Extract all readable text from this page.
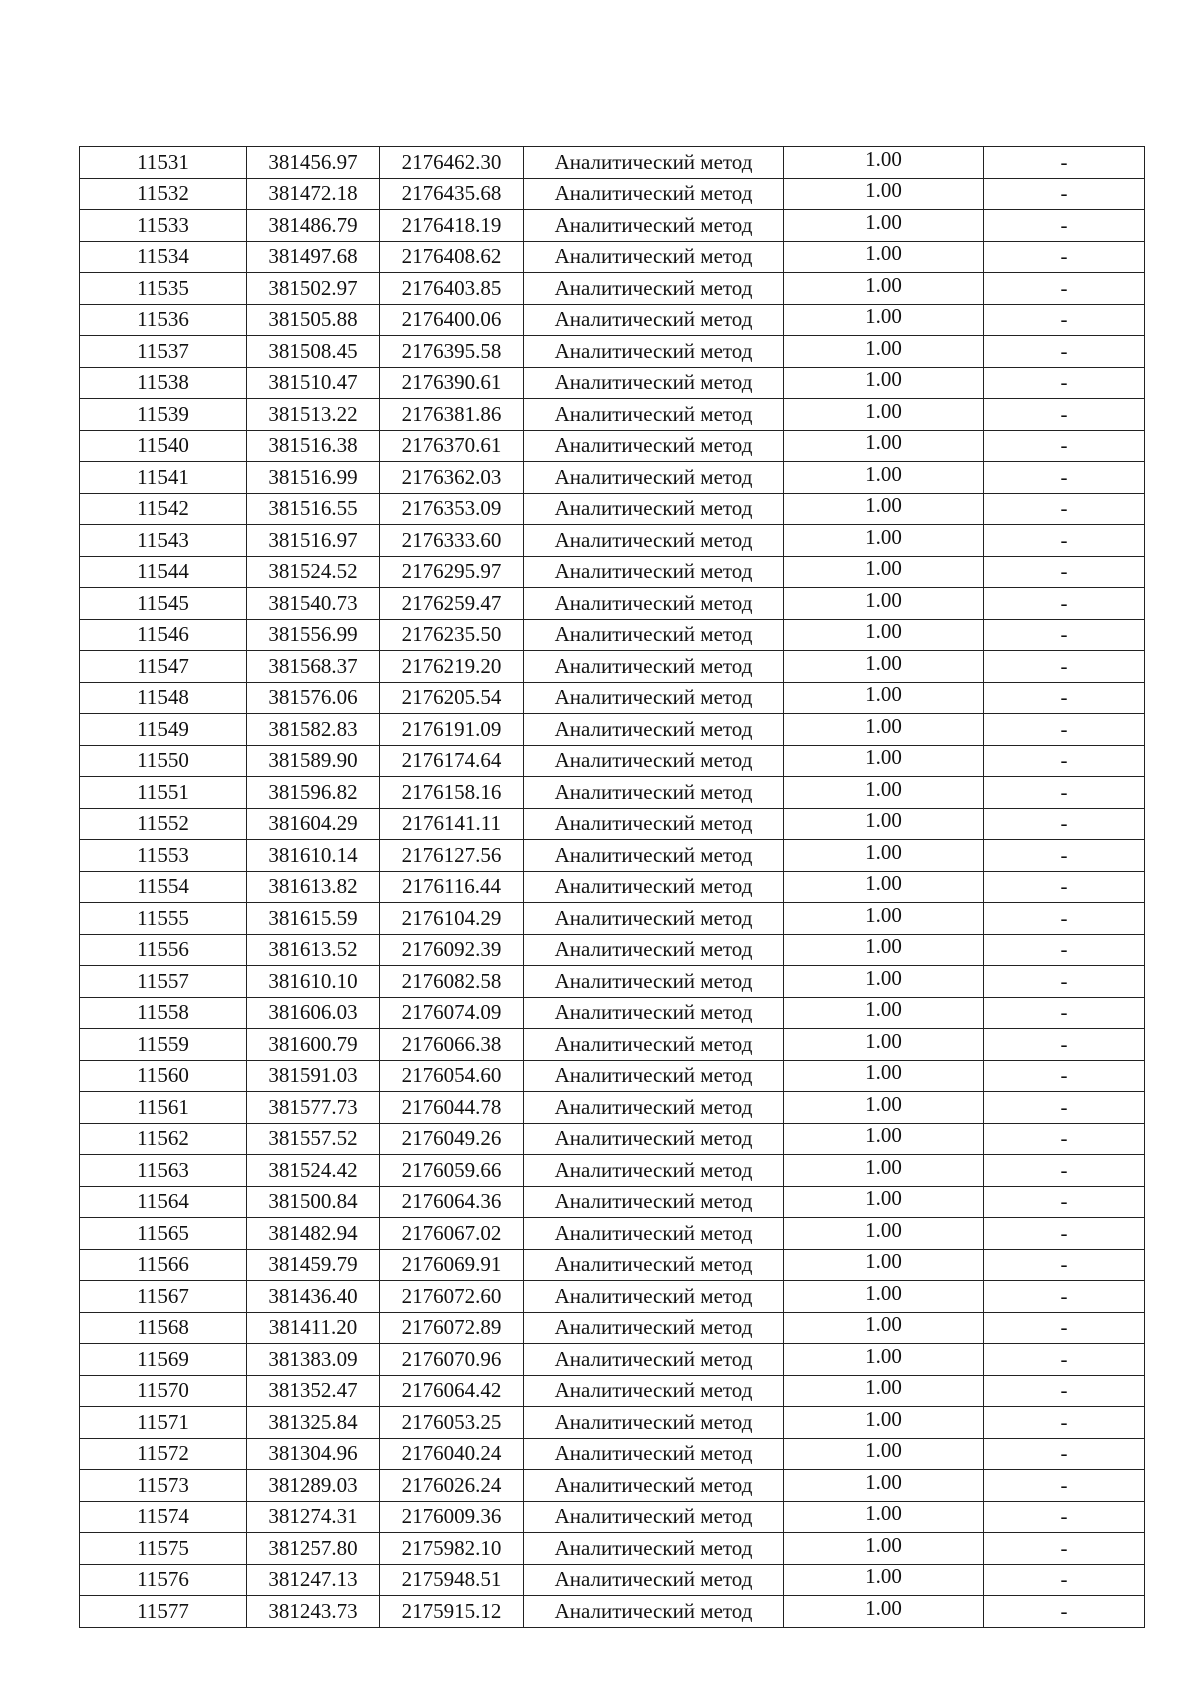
11531	381456.97	2176462.30	Аналитический метод	1.00	-
11532	381472.18	2176435.68	Аналитический метод	1.00	-
11533	381486.79	2176418.19	Аналитический метод	1.00	-
11534	381497.68	2176408.62	Аналитический метод	1.00	-
11535	381502.97	2176403.85	Аналитический метод	1.00	-
11536	381505.88	2176400.06	Аналитический метод	1.00	-
11537	381508.45	2176395.58	Аналитический метод	1.00	-
11538	381510.47	2176390.61	Аналитический метод	1.00	-
11539	381513.22	2176381.86	Аналитический метод	1.00	-
11540	381516.38	2176370.61	Аналитический метод	1.00	-
11541	381516.99	2176362.03	Аналитический метод	1.00	-
11542	381516.55	2176353.09	Аналитический метод	1.00	-
11543	381516.97	2176333.60	Аналитический метод	1.00	-
11544	381524.52	2176295.97	Аналитический метод	1.00	-
11545	381540.73	2176259.47	Аналитический метод	1.00	-
11546	381556.99	2176235.50	Аналитический метод	1.00	-
11547	381568.37	2176219.20	Аналитический метод	1.00	-
11548	381576.06	2176205.54	Аналитический метод	1.00	-
11549	381582.83	2176191.09	Аналитический метод	1.00	-
11550	381589.90	2176174.64	Аналитический метод	1.00	-
11551	381596.82	2176158.16	Аналитический метод	1.00	-
11552	381604.29	2176141.11	Аналитический метод	1.00	-
11553	381610.14	2176127.56	Аналитический метод	1.00	-
11554	381613.82	2176116.44	Аналитический метод	1.00	-
11555	381615.59	2176104.29	Аналитический метод	1.00	-
11556	381613.52	2176092.39	Аналитический метод	1.00	-
11557	381610.10	2176082.58	Аналитический метод	1.00	-
11558	381606.03	2176074.09	Аналитический метод	1.00	-
11559	381600.79	2176066.38	Аналитический метод	1.00	-
11560	381591.03	2176054.60	Аналитический метод	1.00	-
11561	381577.73	2176044.78	Аналитический метод	1.00	-
11562	381557.52	2176049.26	Аналитический метод	1.00	-
11563	381524.42	2176059.66	Аналитический метод	1.00	-
11564	381500.84	2176064.36	Аналитический метод	1.00	-
11565	381482.94	2176067.02	Аналитический метод	1.00	-
11566	381459.79	2176069.91	Аналитический метод	1.00	-
11567	381436.40	2176072.60	Аналитический метод	1.00	-
11568	381411.20	2176072.89	Аналитический метод	1.00	-
11569	381383.09	2176070.96	Аналитический метод	1.00	-
11570	381352.47	2176064.42	Аналитический метод	1.00	-
11571	381325.84	2176053.25	Аналитический метод	1.00	-
11572	381304.96	2176040.24	Аналитический метод	1.00	-
11573	381289.03	2176026.24	Аналитический метод	1.00	-
11574	381274.31	2176009.36	Аналитический метод	1.00	-
11575	381257.80	2175982.10	Аналитический метод	1.00	-
11576	381247.13	2175948.51	Аналитический метод	1.00	-
11577	381243.73	2175915.12	Аналитический метод	1.00	-
